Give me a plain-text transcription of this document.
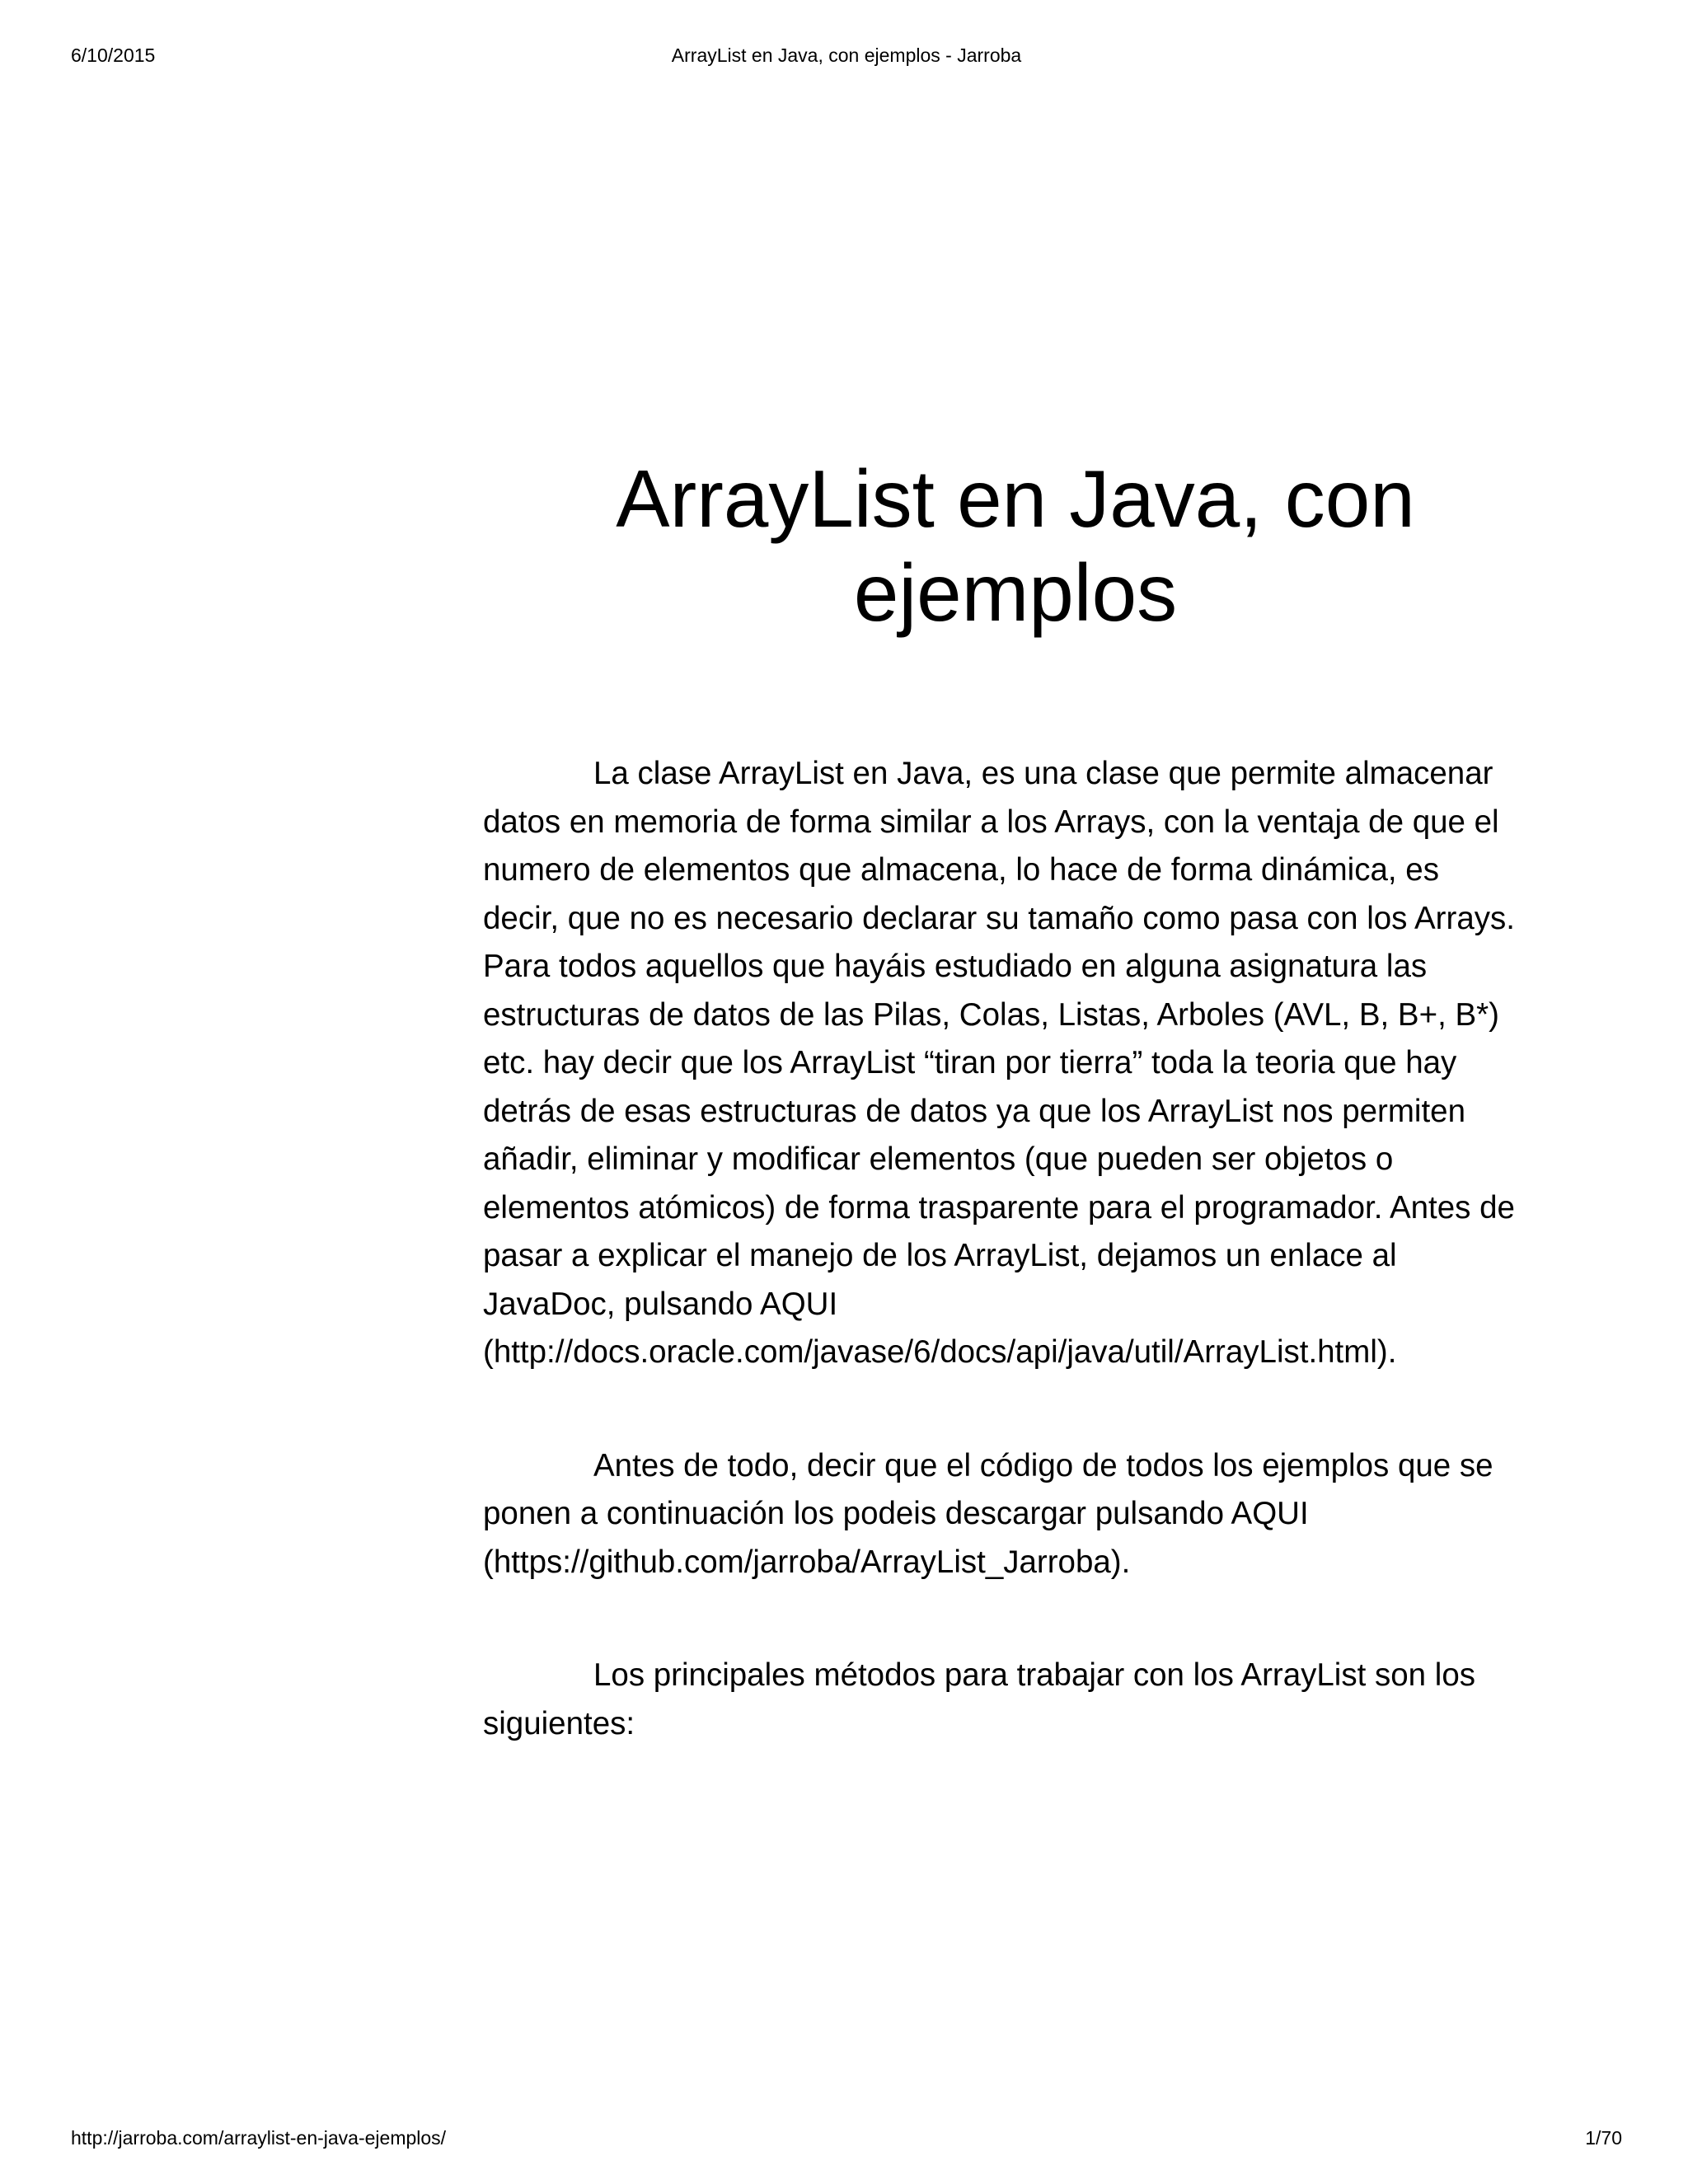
6/10/2015	ArrayList en Java, con ejemplos - Jarroba
ArrayList en Java, con
ejemplos

La clase ArrayList en Java, es una clase que permite almacenar datos en memoria de forma similar a los Arrays, con la ventaja de que el numero de elementos que almacena, lo hace de forma dinámica, es decir, que no es necesario declarar su tamaño como pasa con los Arrays. Para todos aquellos que hayáis estudiado en alguna asignatura las estructuras de datos de las Pilas, Colas, Listas, Arboles (AVL, B, B+, B*) etc. hay decir que los ArrayList “tiran por tierra” toda la teoria que hay detrás de esas estructuras de datos ya que los ArrayList nos permiten añadir, eliminar y modificar elementos (que pueden ser objetos o elementos atómicos) de forma trasparente para el programador. Antes de pasar a explicar el manejo de los ArrayList, dejamos un enlace al JavaDoc, pulsando AQUI (http://docs.oracle.com/javase/6/docs/api/java/util/ArrayList.html).

Antes de todo, decir que el código de todos los ejemplos que se ponen a continuación los podeis descargar pulsando AQUI (https://github.com/jarroba/ArrayList_Jarroba).

Los principales métodos para trabajar con los ArrayList son los siguientes:

http://jarroba.com/arraylist-en-java-ejemplos/	1/70
